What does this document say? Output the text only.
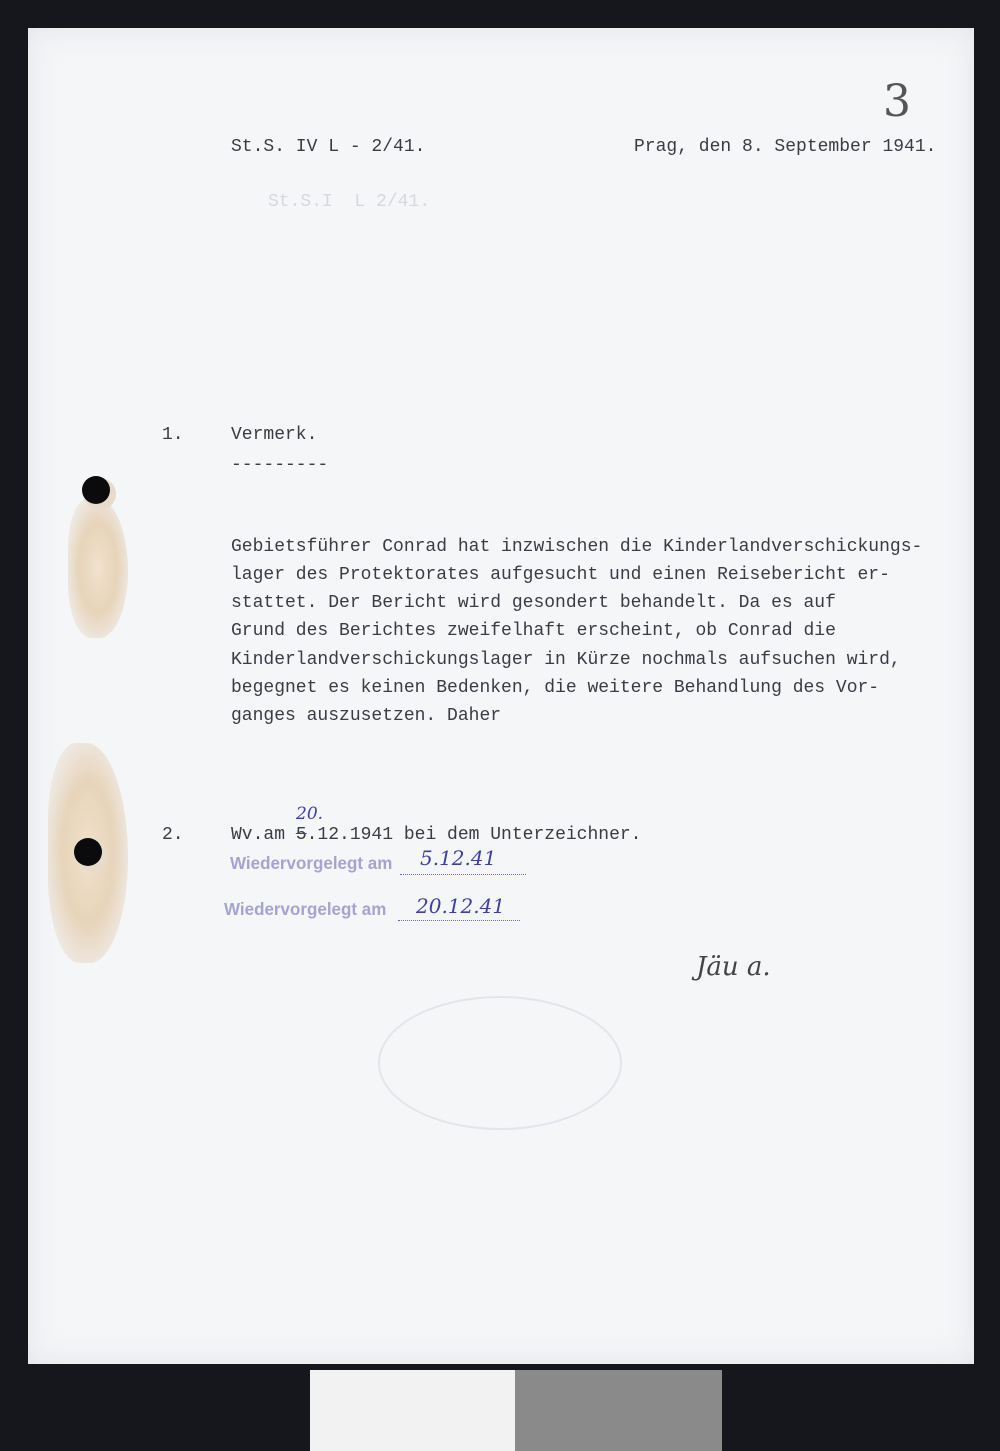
St.S.I  L 2/41.
St.S. IV L - 2/41.	Prag, den 8. September 1941.
3
1.	Vermerk.
---------
Gebietsführer Conrad hat inzwischen die Kinderlandverschickungs-
lager des Protektorates aufgesucht und einen Reisebericht er-
stattet. Der Bericht wird gesondert behandelt. Da es auf
Grund des Berichtes zweifelhaft erscheint, ob Conrad die
Kinderlandverschickungslager in Kürze nochmals aufsuchen wird,
begegnet es keinen Bedenken, die weitere Behandlung des Vor-
ganges auszusetzen. Daher
2.	Wv.am 5.12.1941 bei dem Unterzeichner.
20.
Wiedervorgelegt am 5.12.41
Wiedervorgelegt am 20.12.41
Jäu a.
